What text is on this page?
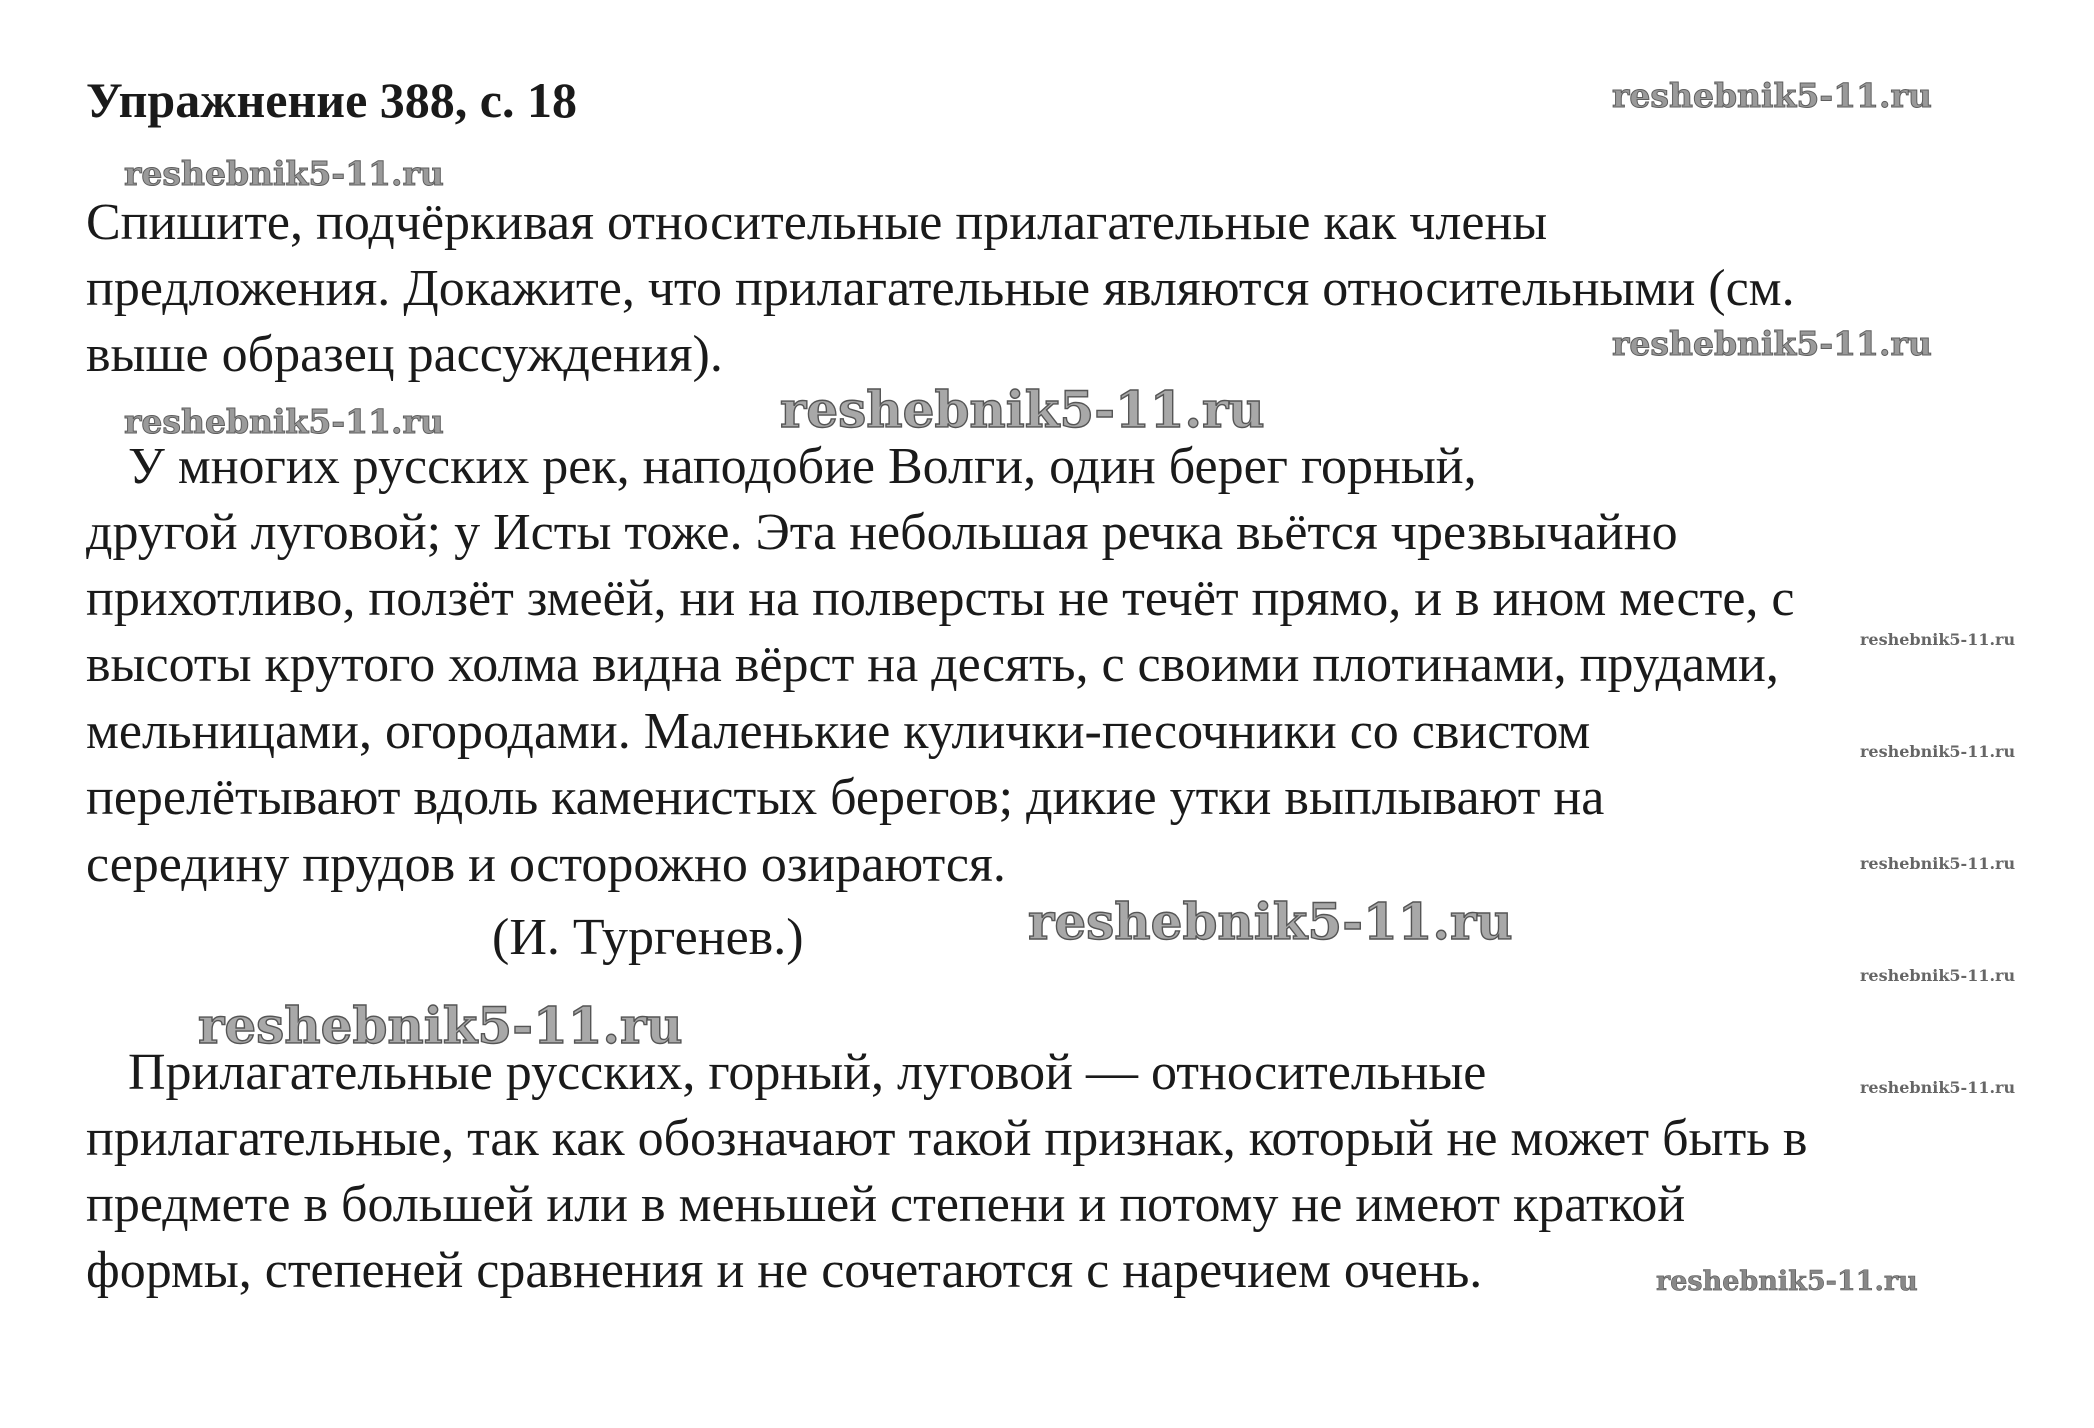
Упражнение 388, с. 18

Спишите, подчёркивая относительные прилагательные как члены

предложения. Докажите, что прилагательные являются относительными (см.

выше образец рассуждения).

У многих русских рек, наподобие Волги, один берег горный,

другой луговой; у Исты тоже. Эта небольшая речка вьётся чрезвычайно

прихотливо, ползёт змеёй, ни на полверсты не течёт прямо, и в ином месте, с

высоты крутого холма видна вёрст на десять, с своими плотинами, прудами,

мельницами, огородами. Маленькие кулички-песочники со свистом

перелётывают вдоль каменистых берегов; дикие утки выплывают на

середину прудов и осторожно озираются.

(И. Тургенев.)

Прилагательные русских, горный, луговой — относительные

прилагательные, так как обозначают такой признак, который не может быть в

предмете в большей или в меньшей степени и потому не имеют краткой

формы, степеней сравнения и не сочетаются с наречием очень.

reshebnik5-11.ru
reshebnik5-11.ru
reshebnik5-11.ru
reshebnik5-11.ru	reshebnik5-11.ru
reshebnik5-11.ru
reshebnik5-11.ru
reshebnik5-11.ru
reshebnik5-11.ru
reshebnik5-11.ru
reshebnik5-11.ru
reshebnik5-11.ru
reshebnik5-11.ru
